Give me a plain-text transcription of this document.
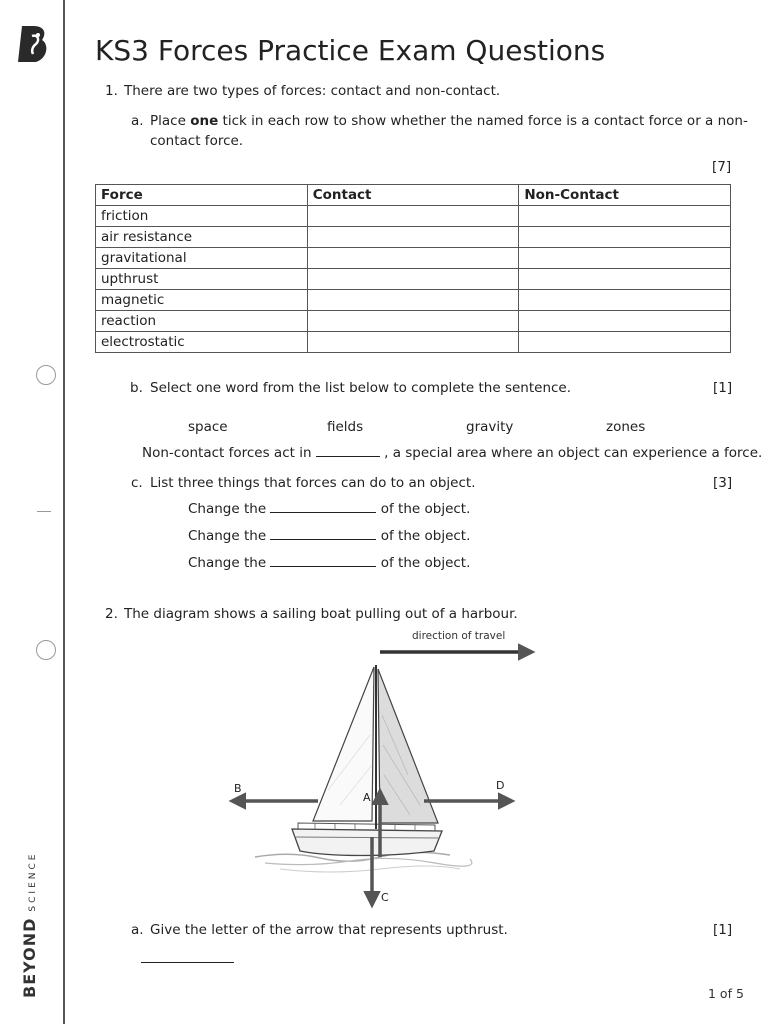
BEYONDSCIENCE
KS3 Forces Practice Exam Questions
1. There are two types of forces: contact and non-contact.
a. Place one tick in each row to show whether the named force is a contact force or a non-
contact force.
[7]
Force	Contact	Non-Contact
friction		
air resistance		
gravitational		
upthrust		
magnetic		
reaction		
electrostatic		
b. Select one word from the list below to complete the sentence.	[1]
space	fields	gravity	zones
Non-contact forces act in	, a special area where an object can experience a force.
c. List three things that forces can do to an object.	[3]
Change the	of the object.
Change the	of the object.
Change the	of the object.
2. The diagram shows a sailing boat pulling out of a harbour.
direction of travel
B	D
A
C
a. Give the letter of the arrow that represents upthrust.	[1]
1 of 5
